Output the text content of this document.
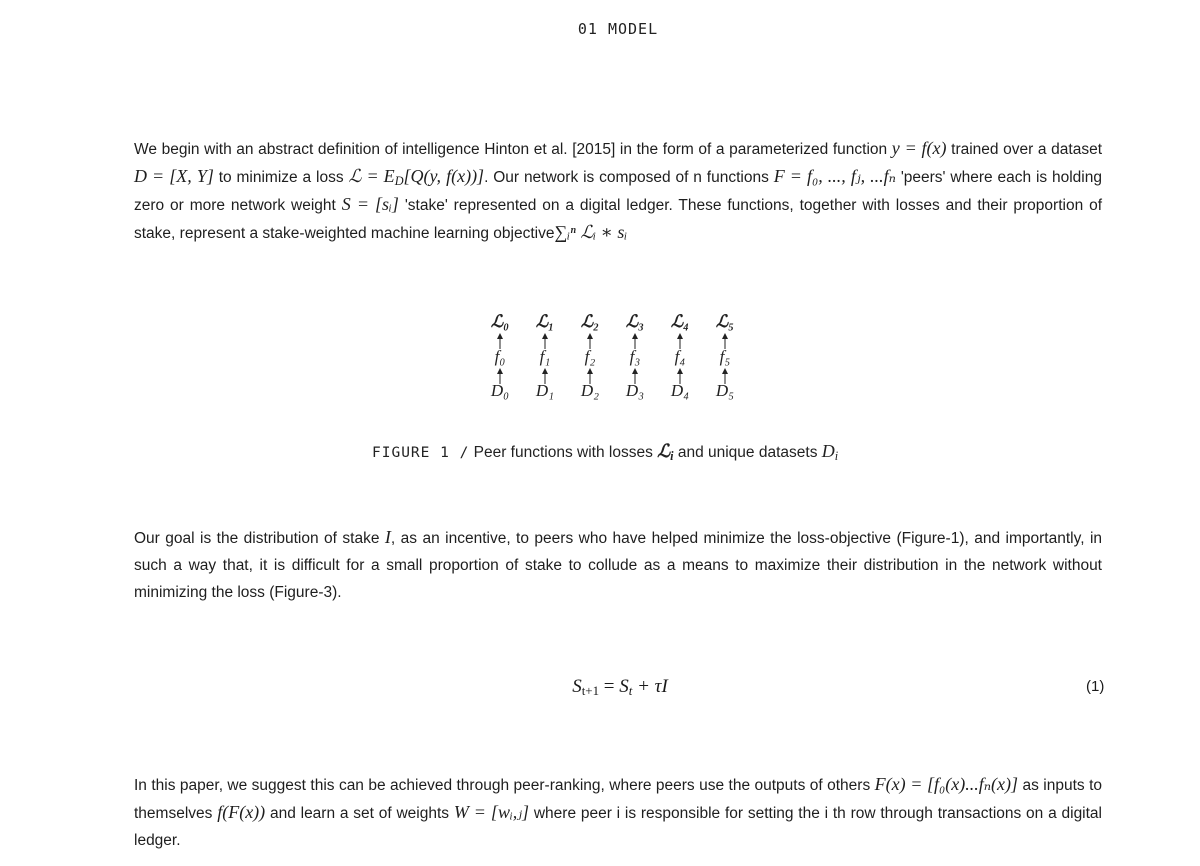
01 MODEL
We begin with an abstract definition of intelligence Hinton et al. [2015] in the form of a parameterized function y = f(x) trained over a dataset D = [X, Y] to minimize a loss ℒ = $E_D[Q(y$, f(x))]. Our network is composed of n functions F = f₀, ..., fⱼ, ...fₙ 'peers' where each is holding zero or more network weight S = [sᵢ] 'stake' represented on a digital ledger. These functions, together with losses and their proportion of stake, represent a stake-weighted machine learning objective∑ᵢⁿ ℒᵢ ∗ sᵢ
ℒ₀
f₀
D₀
ℒ₁
f₁
D₁
ℒ₂
f₂
D₂
ℒ₃
f₃
D₃
ℒ₄
f₄
D₄
ℒ₅
f₅
D₅
FIGURE 1 / Peer functions with losses ℒ$_i$ and unique datasets $D_i$
Our goal is the distribution of stake I, as an incentive, to peers who have helped minimize the loss-objective (Figure-1), and importantly, in such a way that, it is difficult for a small proportion of stake to collude as a means to maximize their distribution in the network without minimizing the loss (Figure-3).
$S_{t+1} = S_t + \tau I$	(1)
In this paper, we suggest this can be achieved through peer-ranking, where peers use the outputs of others F(x) = [f₀(x)...fₙ(x)] as inputs to themselves f(F(x)) and learn a set of weights W = [wᵢ,ⱼ] where peer i is responsible for setting the i th row through transactions on a digital ledger.
